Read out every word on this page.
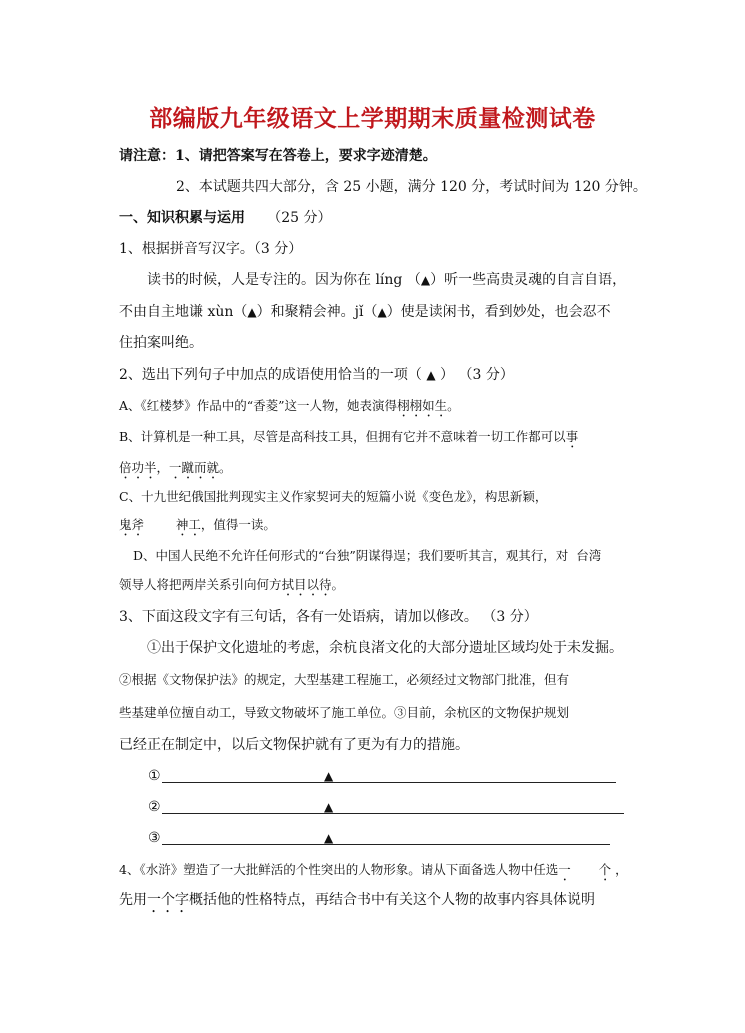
部编版九年级语文上学期期末质量检测试卷
请注意：1、请把答案写在答卷上，要求字迹清楚。
2、本试题共四大部分，含 25 小题，满分 120 分，考试时间为 120 分钟。
一、知识积累与运用 （25 分）
1、根据拼音写汉字。（3 分）
读书的时候，人是专注的。因为你在 líng （▲）听一些高贵灵魂的自言自语，
不由自主地谦 xùn（▲）和聚精会神。jǐ（▲）使是读闲书，看到妙处，也会忍不
住拍案叫绝。
2、选出下列句子中加点的成语使用恰当的一项（ ▲ ） （3 分）
A、《红楼梦》作品中的“香菱”这一人物，她表演得栩栩如生。
B、计算机是一种工具，尽管是高科技工具，但拥有它并不意味着一切工作都可以事
倍功半，一蹴而就。
C、十九世纪俄国批判现实主义作家契诃夫的短篇小说《变色龙》，构思新颖，
鬼斧	神工，值得一读。
D、中国人民绝不允许任何形式的“台独”阴谋得逞；我们要听其言，观其行，对 台湾
领导人将把两岸关系引向何方拭目以待。
3、下面这段文字有三句话，各有一处语病，请加以修改。 （3 分）
①出于保护文化遗址的考虑，余杭良渚文化的大部分遗址区域均处于未发掘。
②根据《文物保护法》的规定，大型基建工程施工，必须经过文物部门批准，但有
些基建单位擅自动工，导致文物破坏了施工单位。③目前，余杭区的文物保护规划
已经正在制定中，以后文物保护就有了更为有力的措施。
①	▲
②	▲
③	▲
4、《水浒》塑造了一大批鲜活的个性突出的人物形象。请从下面备选人物中任选一 个 ，
先用一个字概括他的性格特点，再结合书中有关这个人物的故事内容具体说明
